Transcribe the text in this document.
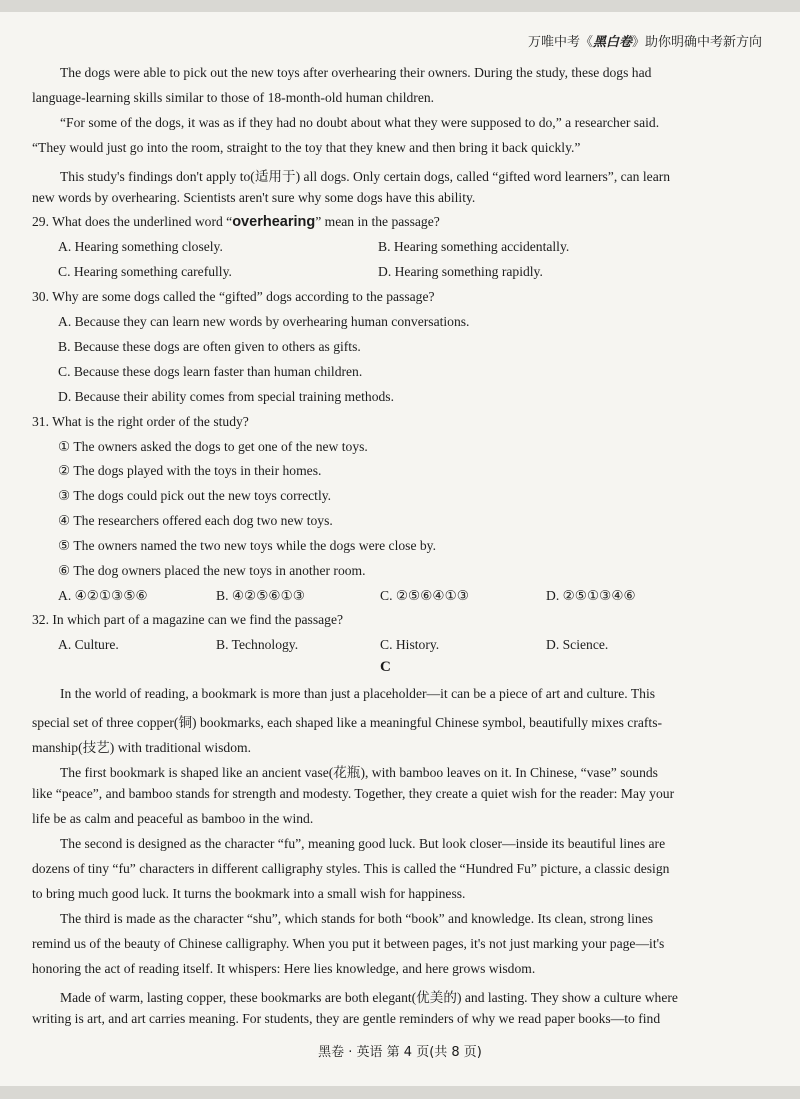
万唯中考《黑白卷》助你明确中考新方向
The dogs were able to pick out the new toys after overhearing their owners. During the study, these dogs had
language-learning skills similar to those of 18-month-old human children.
“For some of the dogs, it was as if they had no doubt about what they were supposed to do,” a researcher said.
“They would just go into the room, straight to the toy that they knew and then bring it back quickly.”
This study's findings don't apply to(适用于) all dogs. Only certain dogs, called “gifted word learners”, can learn
new words by overhearing. Scientists aren't sure why some dogs have this ability.
29. What does the underlined word “overhearing” mean in the passage?
A. Hearing something closely.	B. Hearing something accidentally.
C. Hearing something carefully.	D. Hearing something rapidly.
30. Why are some dogs called the “gifted” dogs according to the passage?
A. Because they can learn new words by overhearing human conversations.
B. Because these dogs are often given to others as gifts.
C. Because these dogs learn faster than human children.
D. Because their ability comes from special training methods.
31. What is the right order of the study?
① The owners asked the dogs to get one of the new toys.
② The dogs played with the toys in their homes.
③ The dogs could pick out the new toys correctly.
④ The researchers offered each dog two new toys.
⑤ The owners named the two new toys while the dogs were close by.
⑥ The dog owners placed the new toys in another room.
A. ④②①③⑤⑥	B. ④②⑤⑥①③	C. ②⑤⑥④①③	D. ②⑤①③④⑥
32. In which part of a magazine can we find the passage?
A. Culture.	B. Technology.	C. History.	D. Science.
C
In the world of reading, a bookmark is more than just a placeholder—it can be a piece of art and culture. This
special set of three copper(铜) bookmarks, each shaped like a meaningful Chinese symbol, beautifully mixes crafts-
manship(技艺) with traditional wisdom.
The first bookmark is shaped like an ancient vase(花瓶), with bamboo leaves on it. In Chinese, “vase” sounds
like “peace”, and bamboo stands for strength and modesty. Together, they create a quiet wish for the reader: May your
life be as calm and peaceful as bamboo in the wind.
The second is designed as the character “fu”, meaning good luck. But look closer—inside its beautiful lines are
dozens of tiny “fu” characters in different calligraphy styles. This is called the “Hundred Fu” picture, a classic design
to bring much good luck. It turns the bookmark into a small wish for happiness.
The third is made as the character “shu”, which stands for both “book” and knowledge. Its clean, strong lines
remind us of the beauty of Chinese calligraphy. When you put it between pages, it's not just marking your page—it's
honoring the act of reading itself. It whispers: Here lies knowledge, and here grows wisdom.
Made of warm, lasting copper, these bookmarks are both elegant(优美的) and lasting. They show a culture where
writing is art, and art carries meaning. For students, they are gentle reminders of why we read paper books—to find
黑卷 · 英语 第 4 页(共 8 页)
